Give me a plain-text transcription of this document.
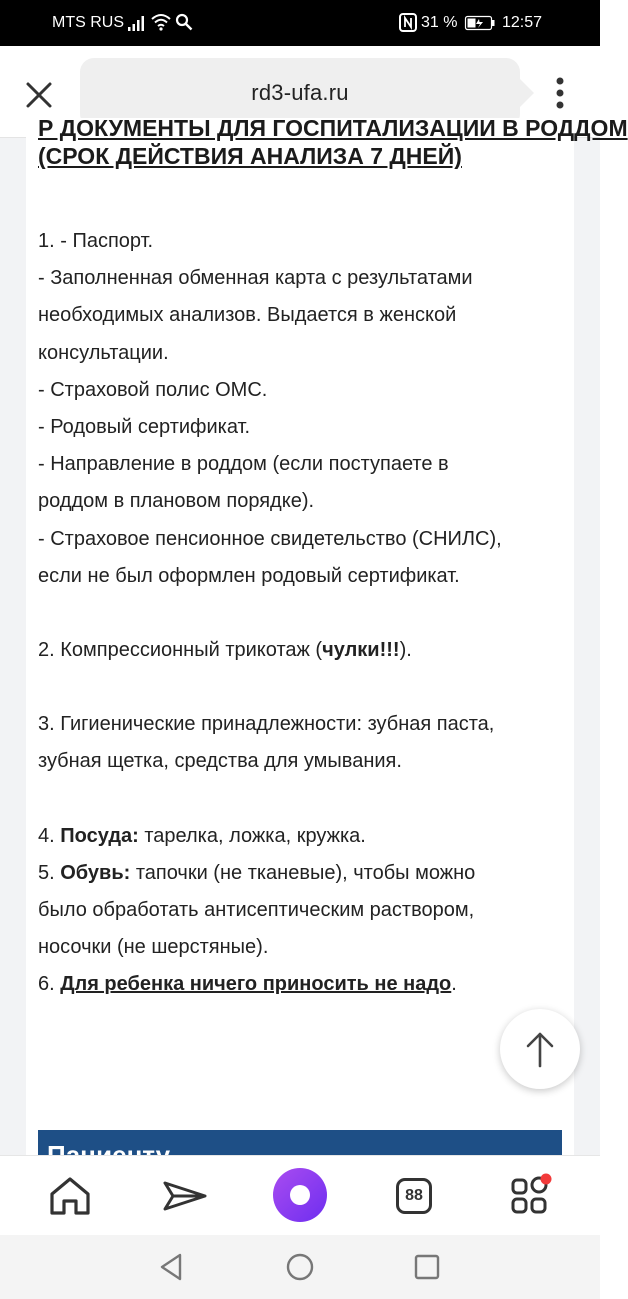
MTS RUS	31 %	12:57
rd3-ufa.ru

Р ДОКУМЕНТЫ ДЛЯ ГОСПИТАЛИЗАЦИИ В РОДДОМ

(СРОК ДЕЙСТВИЯ АНАЛИЗА 7 ДНЕЙ)

1. - Паспорт.

- Заполненная обменная карта с результатами

необходимых анализов. Выдается в женской

консультации.

- Страховой полис ОМС.

- Родовый сертификат.

- Направление в роддом (если поступаете в

роддом в плановом порядке).

- Страховое пенсионное свидетельство (СНИЛС),

если не был оформлен родовый сертификат.

2. Компрессионный трикотаж (чулки!!!).

3. Гигиенические принадлежности: зубная паста,

зубная щетка, средства для умывания.

4. Посуда: тарелка, ложка, кружка.

5. Обувь: тапочки (не тканевые), чтобы можно

было обработать антисептическим раствором,

носочки (не шерстяные).

6. Для ребенка ничего приносить не надо.

88
